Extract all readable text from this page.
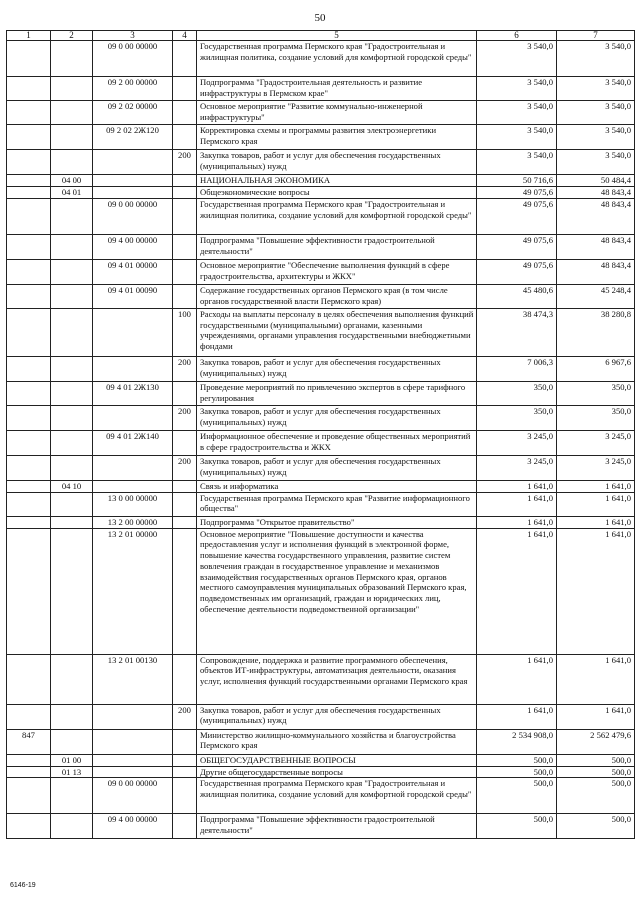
50
1	2	3	4	5	6	7
		09 0 00 00000		Государственная программа Пермского края "Градостроительная и жилищная политика, создание условий для комфортной городской среды"	3 540,0	3 540,0
		09 2 00 00000		Подпрограмма "Градостроительная деятельность и развитие инфраструктуры в Пермском крае"	3 540,0	3 540,0
		09 2 02 00000		Основное мероприятие "Развитие коммунально-инженерной инфраструктуры"	3 540,0	3 540,0
		09 2 02 2Ж120		Корректировка схемы и программы развития электроэнергетики Пермского края	3 540,0	3 540,0
			200	Закупка товаров, работ и услуг для обеспечения государственных (муниципальных) нужд	3 540,0	3 540,0
	04 00			НАЦИОНАЛЬНАЯ ЭКОНОМИКА	50 716,6	50 484,4
	04 01			Общеэкономические вопросы	49 075,6	48 843,4
		09 0 00 00000		Государственная программа Пермского края "Градостроительная и жилищная политика, создание условий для комфортной городской среды"	49 075,6	48 843,4
		09 4 00 00000		Подпрограмма "Повышение эффективности градостроительной деятельности"	49 075,6	48 843,4
		09 4 01 00000		Основное мероприятие "Обеспечение выполнения функций в сфере градостроительства, архитектуры и ЖКХ"	49 075,6	48 843,4
		09 4 01 00090		Содержание государственных органов Пермского края (в том числе органов государственной власти Пермского края)	45 480,6	45 248,4
			100	Расходы на выплаты персоналу в целях обеспечения выполнения функций государственными (муниципальными) органами, казенными учреждениями, органами управления государственными внебюджетными фондами	38 474,3	38 280,8
			200	Закупка товаров, работ и услуг для обеспечения государственных (муниципальных) нужд	7 006,3	6 967,6
		09 4 01 2Ж130		Проведение мероприятий по привлечению экспертов в сфере тарифного регулирования	350,0	350,0
			200	Закупка товаров, работ и услуг для обеспечения государственных (муниципальных) нужд	350,0	350,0
		09 4 01 2Ж140		Информационное обеспечение и проведение общественных мероприятий в сфере градостроительства и ЖКХ	3 245,0	3 245,0
			200	Закупка товаров, работ и услуг для обеспечения государственных (муниципальных) нужд	3 245,0	3 245,0
	04 10			Связь и информатика	1 641,0	1 641,0
		13 0 00 00000		Государственная программа Пермского края "Развитие информационного общества"	1 641,0	1 641,0
		13 2 00 00000		Подпрограмма "Открытое правительство"	1 641,0	1 641,0
		13 2 01 00000		Основное мероприятие "Повышение доступности и качества предоставления услуг и исполнения функций в электронной форме, повышение качества государственного управления, развитие систем вовлечения граждан в государственное управление и механизмов взаимодействия государственных органов Пермского края, органов местного самоуправления муниципальных образований Пермского края, подведомственных им организаций, граждан и юридических лиц, обеспечение деятельности подведомственной организации"	1 641,0	1 641,0
		13 2 01 00130		Сопровождение, поддержка и развитие программного обеспечения, объектов ИТ-инфраструктуры, автоматизация деятельности, оказания услуг, исполнения функций государственными органами Пермского края	1 641,0	1 641,0
			200	Закупка товаров, работ и услуг для обеспечения государственных (муниципальных) нужд	1 641,0	1 641,0
847				Министерство жилищно-коммунального хозяйства и благоустройства Пермского края	2 534 908,0	2 562 479,6
	01 00			ОБЩЕГОСУДАРСТВЕННЫЕ ВОПРОСЫ	500,0	500,0
	01 13			Другие общегосударственные вопросы	500,0	500,0
		09 0 00 00000		Государственная программа Пермского края "Градостроительная и жилищная политика, создание условий для комфортной городской среды"	500,0	500,0
		09 4 00 00000		Подпрограмма "Повышение эффективности градостроительной деятельности"	500,0	500,0
6146-19
